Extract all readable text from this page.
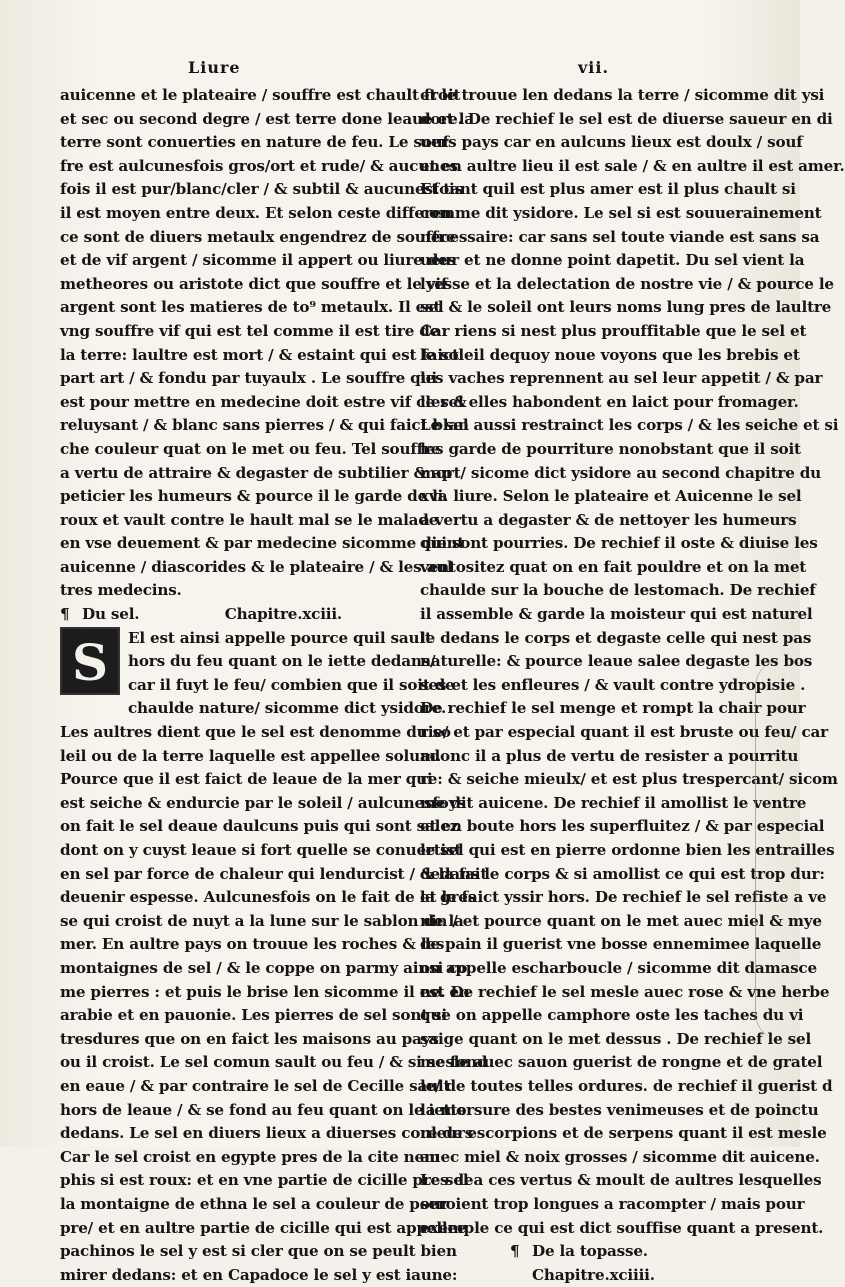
Liure	vii.
auicenne et le plateaire / souffre est chault froit
et sec ou second degre / est terre done leaue et la
terre sont conuerties en nature de feu. Le souf
fre est aulcunesfois gros/ort et rude/ & aucunes
fois il est pur/blanc/cler / & subtil & aucunesfois
il est moyen entre deux. Et selon ceste differen
ce sont de diuers metaulx engendrez de souffre
et de vif argent / sicomme il appert ou liure des
metheores ou aristote dict que souffre et le vif
argent sont les matieres de to⁹ metaulx. Il est
vng souffre vif qui est tel comme il est tire de
la terre: laultre est mort / & estaint qui est faict
part art / & fondu par tuyaulx . Le souffre qui
est pour mettre en medecine doit estre vif cler &
reluysant / & blanc sans pierres / & qui faict blan
che couleur quat on le met ou feu. Tel souffre
a vertu de attraire & degaster de subtilier & ap
peticier les humeurs & pource il le garde de la
roux et vault contre le hault mal se le malade
en vse deuement & par medecine sicomme dient
auicenne / diascorides & le plateaire / & les aul
tres medecins.
¶ Du sel.	Chapitre.xciii.
S	El est ainsi appelle pource quil sault
hors du feu quant on le iette dedans/
car il fuyt le feu/ combien que il soit de
chaulde nature/ sicomme dict ysidore.
Les aultres dient que le sel est denomme du so
leil ou de la terre laquelle est appellee solum.
Pource que il est faict de leaue de la mer qui
est seiche & endurcie par le soleil / aulcunesfoys
on fait le sel deaue daulcuns puis qui sont salez
dont on y cuyst leaue si fort quelle se conuertist
en sel par force de chaleur qui lendurcist / & la fait
deuenir espesse. Aulcunesfois on le fait de la gres
se qui croist de nuyt a la lune sur le sablon de la
mer. En aultre pays on trouue les roches & les
montaignes de sel / & le coppe on parmy ainsi co
me pierres : et puis le brise len sicomme il est en
arabie et en pauonie. Les pierres de sel sont si
tresdures que on en faict les maisons au pays
ou il croist. Le sel comun sault ou feu / & si se fond
en eaue / & par contraire le sel de Cecille sault
hors de leaue / & se fond au feu quant on le iette
dedans. Le sel en diuers lieux a diuerses couleurs
Car le sel croist en egypte pres de la cite nem
phis si est roux: et en vne partie de cicille pres de
la montaigne de ethna le sel a couleur de pour
pre/ et en aultre partie de cicille qui est appellee
pachinos le sel y est si cler que on se peult bien
mirer dedans: et en Capadoce le sel y est iaune:
et le trouue len dedans la terre / sicomme dit ysi
dore. De rechief le sel est de diuerse saueur en di
uers pays car en aulcuns lieux est doulx / souf
et en aultre lieu il est sale / & en aultre il est amer.
Et tant quil est plus amer est il plus chault si
comme dit ysidore. Le sel si est souuerainement
necessaire: car sans sel toute viande est sans sa
ueur et ne donne point dapetit. Du sel vient la
lyesse et la delectation de nostre vie / & pource le
sel & le soleil ont leurs noms lung pres de laultre
Car riens si nest plus prouffitable que le sel et
le soleil dequoy noue voyons que les brebis et
les vaches reprennent au sel leur appetit / & par
le sel elles habondent en laict pour fromager.
Le sel aussi restrainct les corps / & les seiche et si
les garde de pourriture nonobstant que il soit
mort/ sicome dict ysidore au second chapitre du
xvi. liure. Selon le plateaire et Auicenne le sel
a vertu a degaster & de nettoyer les humeurs
qui sont pourries. De rechief il oste & diuise les
ventositez quat on en fait pouldre et on la met
chaulde sur la bouche de lestomach. De rechief
il assemble & garde la moisteur qui est naturel
le dedans le corps et degaste celle qui nest pas
naturelle: & pource leaue salee degaste les bos
ses et les enfleures / & vault contre ydropisie .
De rechief le sel menge et rompt la chair pour
rie/ et par especial quant il est bruste ou feu/ car
adonc il a plus de vertu de resister a pourritu
re: & seiche mieulx/ et est plus trespercant/ sicom
me dit auicene. De rechief il amollist le ventre
et en boute hors les superfluitez / & par especial
le sel qui est en pierre ordonne bien les entrailles
dedans le corps & si amollist ce qui est trop dur:
et le faict yssir hors. De rechief le sel refiste a ve
nin / et pource quant on le met auec miel & mye
de pain il guerist vne bosse ennemimee laquelle
on appelle escharboucle / sicomme dit damasce
ne. De rechief le sel mesle auec rose & vne herbe
que on appelle camphore oste les taches du vi
saige quant on le met dessus . De rechief le sel
mesle auec sauon guerist de rongne et de gratel
le/ de toutes telles ordures. de rechief il guerist d
la morsure des bestes venimeuses et de poinctu
re de escorpions et de serpens quant il est mesle
auec miel & noix grosses / sicomme dit auicene.
Le sel a ces vertus & moult de aultres lesquelles
seroient trop longues a racompter / mais pour
exemple ce qui est dict souffise quant a present.
¶ De la topasse.
Chapitre.xciiii.
